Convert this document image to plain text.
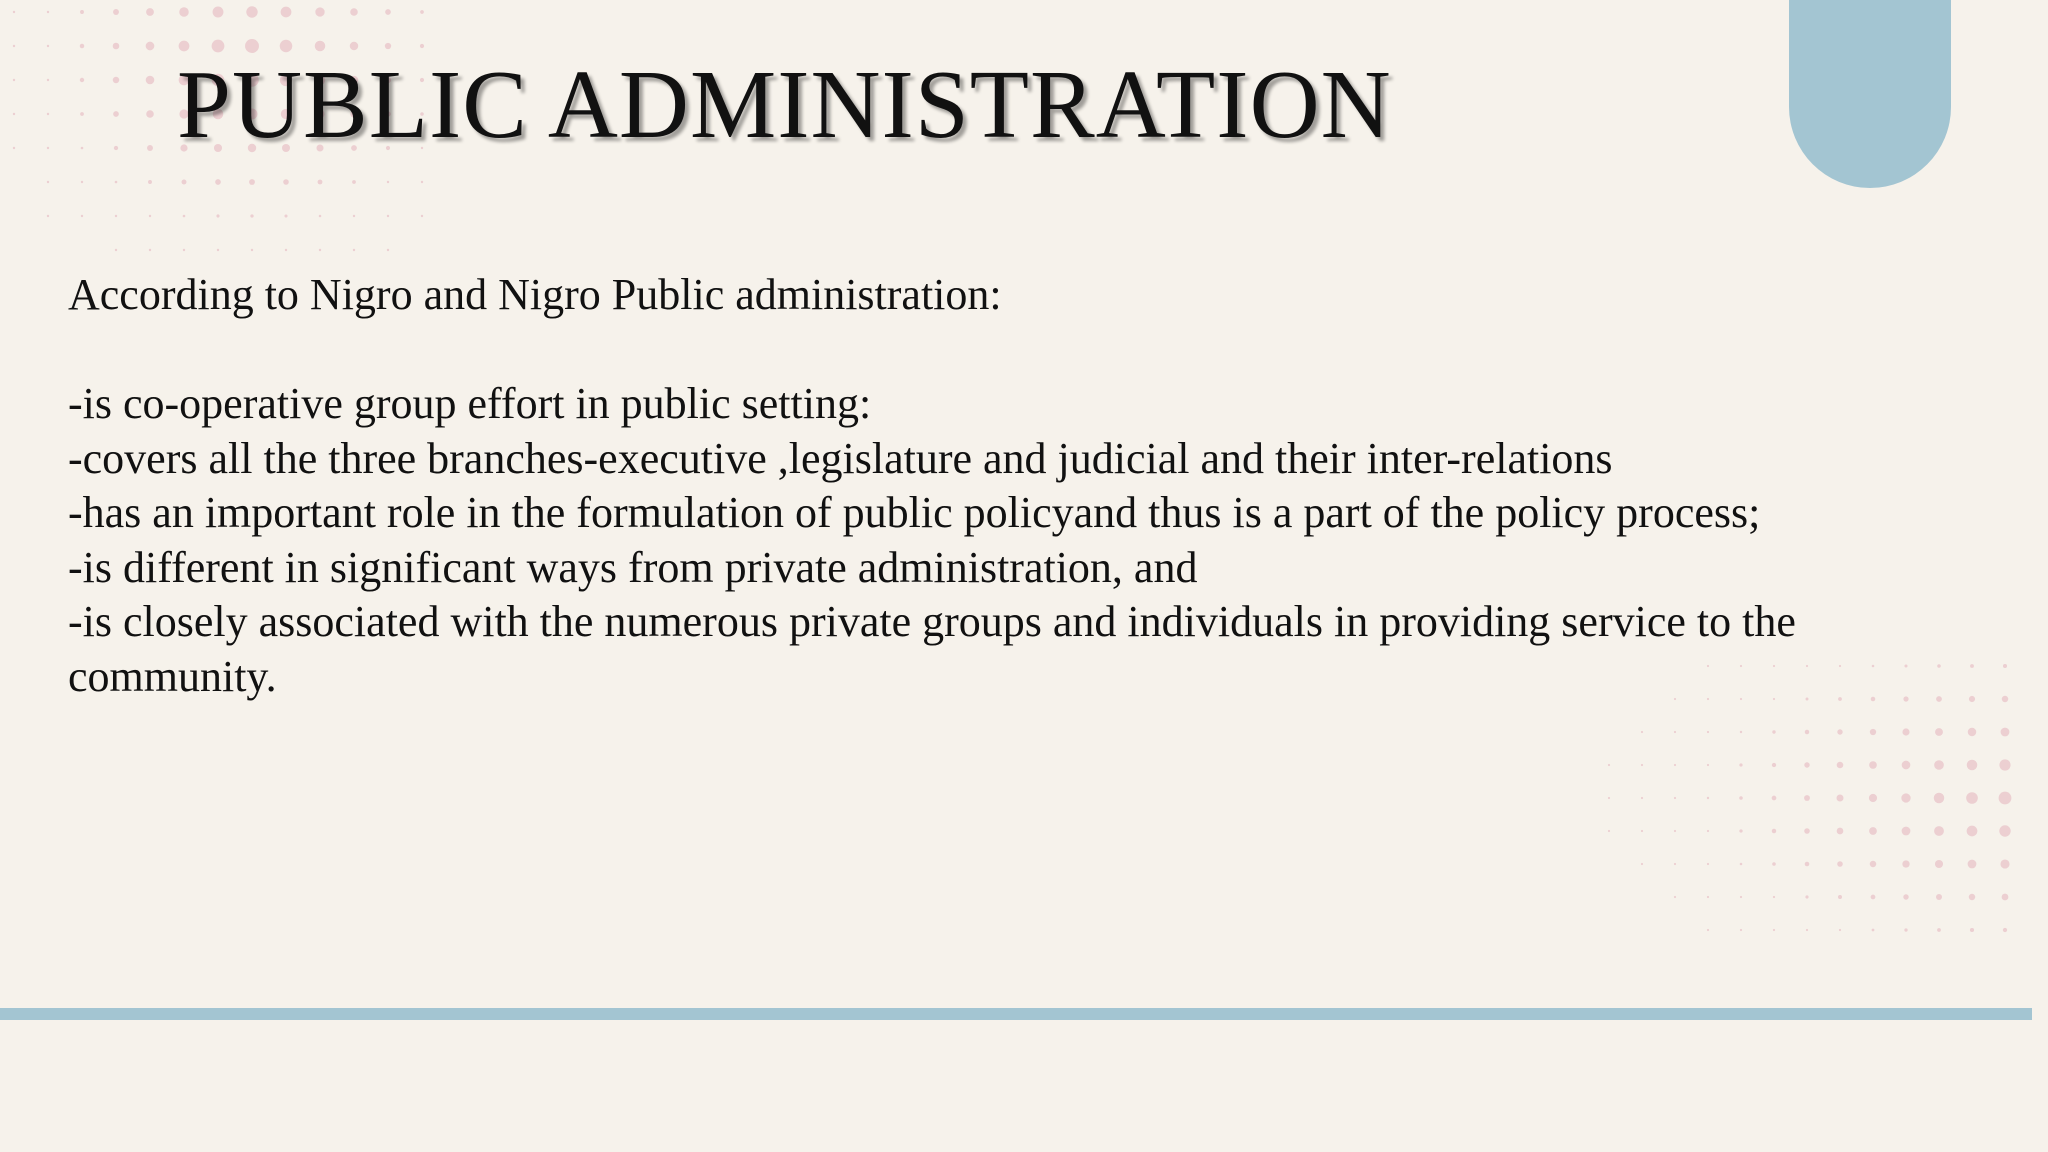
PUBLIC ADMINISTRATION

According to Nigro and Nigro Public administration:

-is co-operative group effort in public setting:
-covers all the three branches-executive ,legislature and judicial and their inter-relations
-has an important role in the formulation of public policyand thus is a part of the policy process;
-is different in significant ways from private administration, and
-is closely associated with the numerous private groups and individuals in providing service to the community.
